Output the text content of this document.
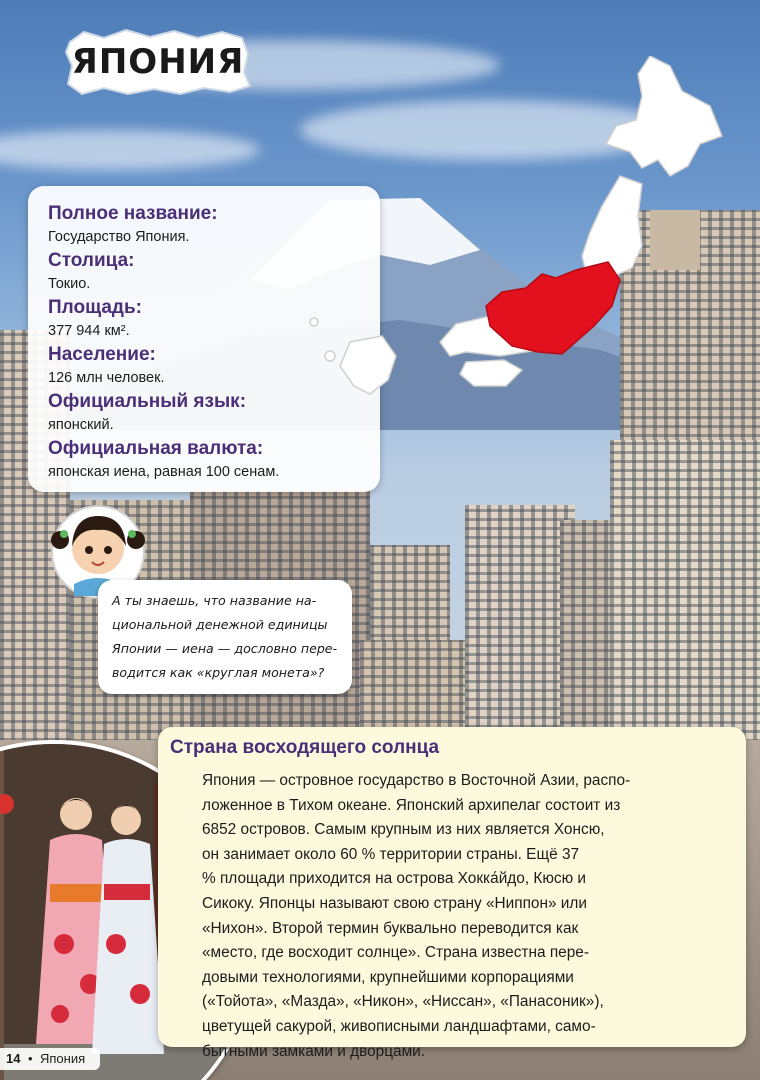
ЯПОНИЯ
Полное название:
Государство Япония.
Столица:
Токио.
Площадь:
377 944 км².
Население:
126 млн человек.
Официальный язык:
японский.
Официальная валюта:
японская иена, равная 100 сенам.
А ты знаешь, что название на-
циональной денежной единицы
Японии — иена — дословно пере-
водится как «круглая монета»?
Страна восходящего солнца
Япония — островное государство в Восточной Азии, распо-
ложенное в Тихом океане. Японский архипелаг состоит из
6852 островов. Самым крупным из них является Хонсю,
он занимает около 60 % территории страны. Ещё 37
% площади приходится на острова Хокка́йдо, Кюсю и
Сикоку. Японцы называют свою страну «Ниппон» или
«Нихон». Второй термин буквально переводится как
«место, где восходит солнце». Страна известна пере-
довыми технологиями, крупнейшими корпорациями
(«Тойота», «Мазда», «Никон», «Ниссан», «Панасоник»),
цветущей сакурой, живописными ландшафтами, само-
бытными замками и дворцами.
14 • Япония
